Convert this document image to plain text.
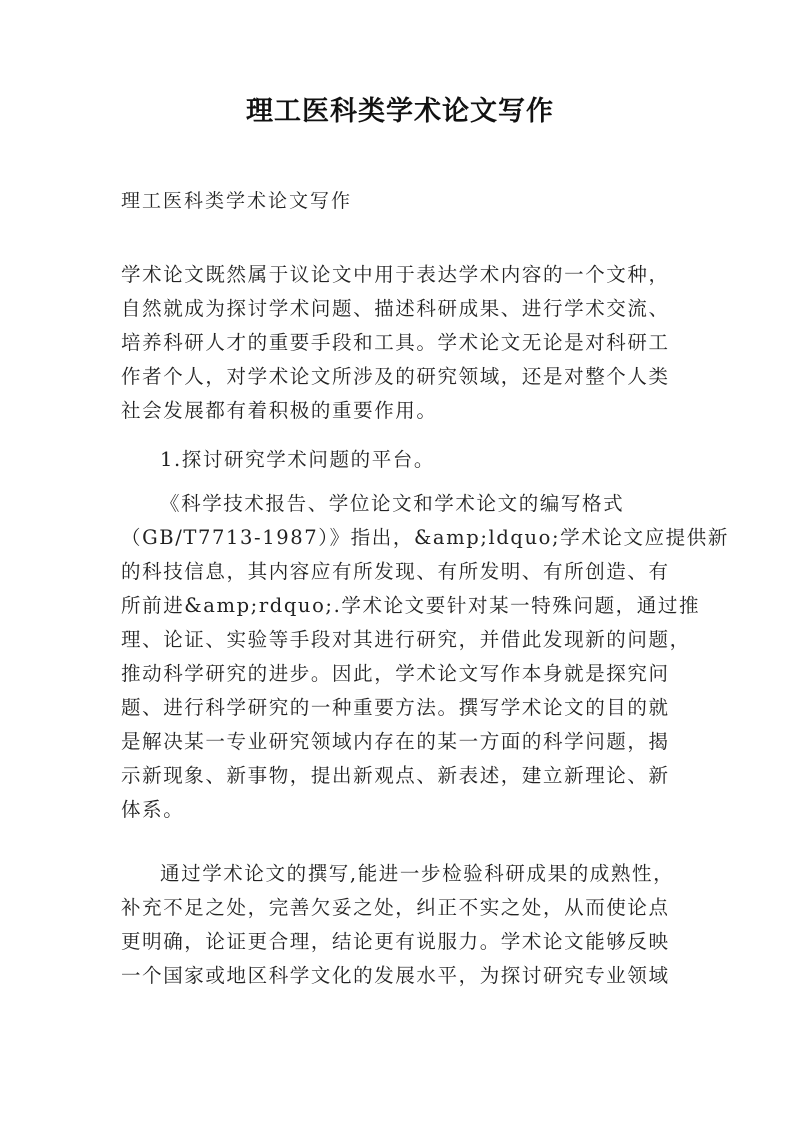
理工医科类学术论文写作
理工医科类学术论文写作
学术论文既然属于议论文中用于表达学术内容的一个文种，
自然就成为探讨学术问题、描述科研成果、进行学术交流、
培养科研人才的重要手段和工具。学术论文无论是对科研工
作者个人，对学术论文所涉及的研究领域，还是对整个人类
社会发展都有着积极的重要作用。
1.探讨研究学术问题的平台。
《科学技术报告、学位论文和学术论文的编写格式
（GB/T7713-1987）》指出，&amp;ldquo;学术论文应提供新
的科技信息，其内容应有所发现、有所发明、有所创造、有
所前进&amp;rdquo;.学术论文要针对某一特殊问题，通过推
理、论证、实验等手段对其进行研究，并借此发现新的问题，
推动科学研究的进步。因此，学术论文写作本身就是探究问
题、进行科学研究的一种重要方法。撰写学术论文的目的就
是解决某一专业研究领域内存在的某一方面的科学问题，揭
示新现象、新事物，提出新观点、新表述，建立新理论、新
体系。
通过学术论文的撰写,能进一步检验科研成果的成熟性，
补充不足之处，完善欠妥之处，纠正不实之处，从而使论点
更明确，论证更合理，结论更有说服力。学术论文能够反映
一个国家或地区科学文化的发展水平，为探讨研究专业领域
